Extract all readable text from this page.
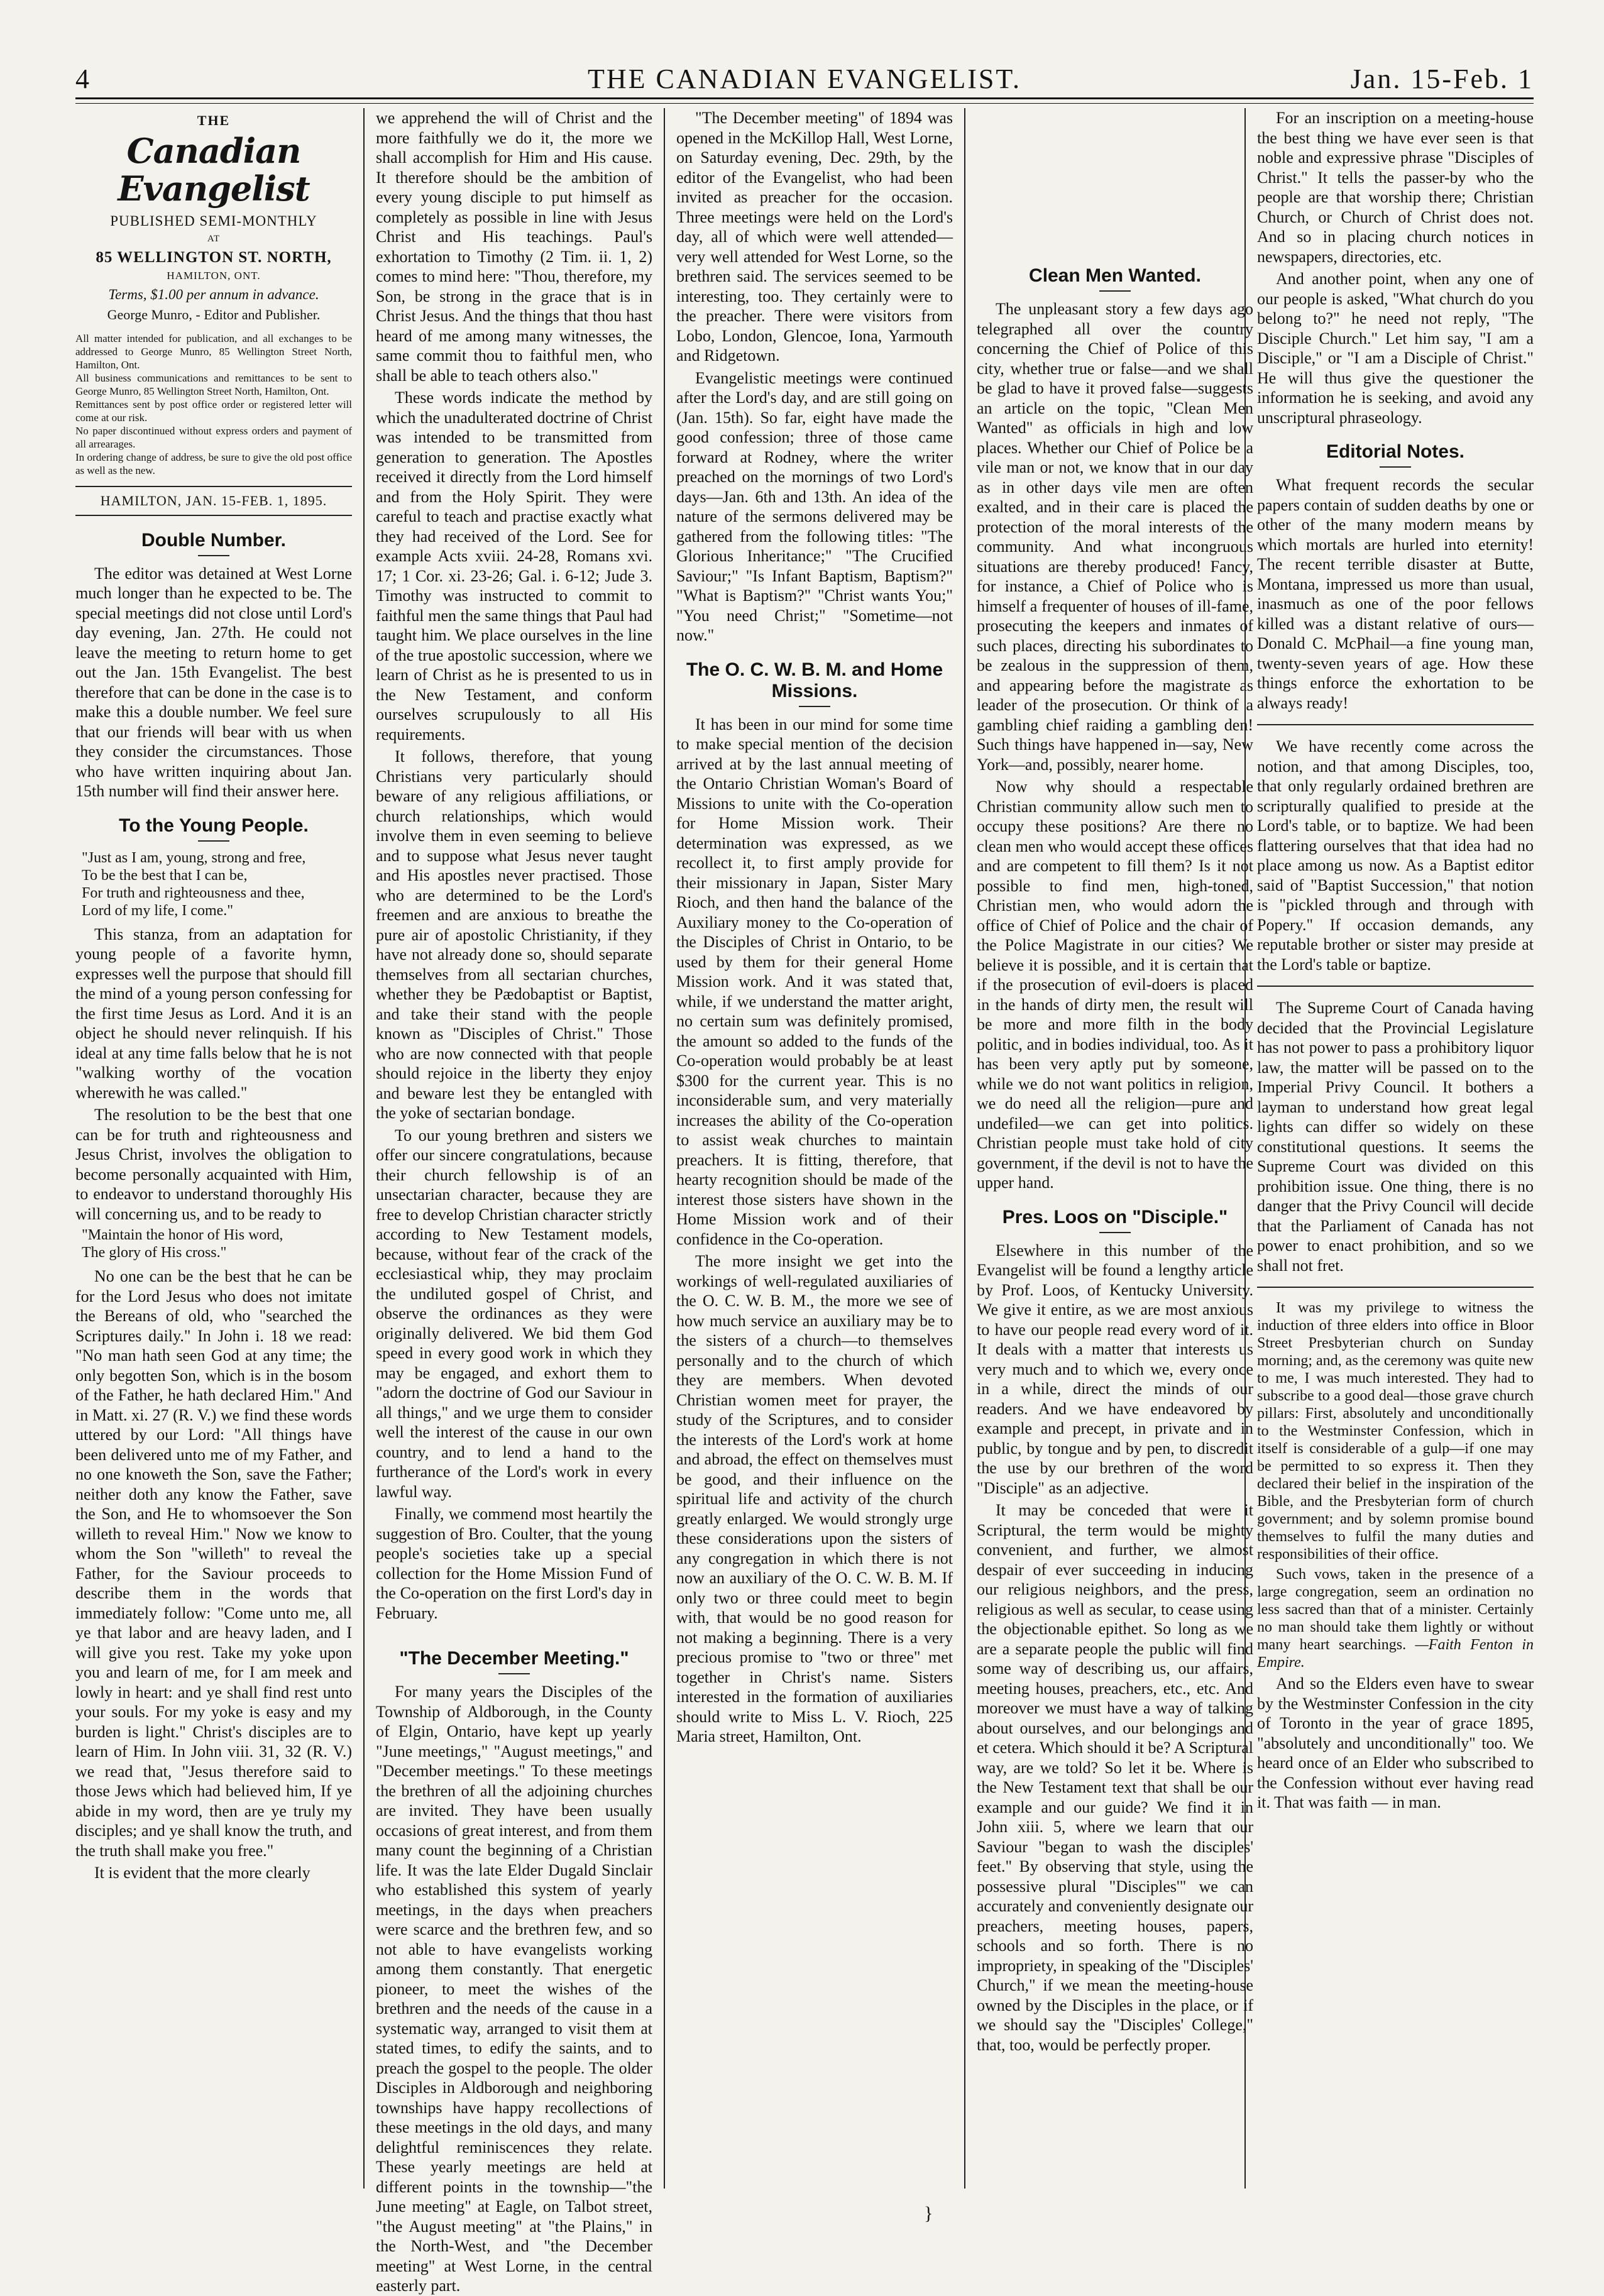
4	THE CANADIAN EVANGELIST.	Jan. 15-Feb. 1
THE
Canadian Evangelist
PUBLISHED SEMI-MONTHLY
AT
85 WELLINGTON ST. NORTH,
HAMILTON, ONT.
Terms, $1.00 per annum in advance.
George Munro, - Editor and Publisher.
All matter intended for publication, and all exchanges to be addressed to George Munro, 85 Wellington Street North, Hamilton, Ont.
All business communications and remittances to be sent to George Munro, 85 Wellington Street North, Hamilton, Ont.
Remittances sent by post office order or registered letter will come at our risk.
No paper discontinued without express orders and payment of all arrearages.
In ordering change of address, be sure to give the old post office as well as the new.
HAMILTON, JAN. 15-FEB. 1, 1895.
Double Number.

The editor was detained at West Lorne much longer than he expected to be. The special meetings did not close until Lord's day evening, Jan. 27th. He could not leave the meeting to return home to get out the Jan. 15th Evangelist. The best therefore that can be done in the case is to make this a double number. We feel sure that our friends will bear with us when they consider the circumstances. Those who have written inquiring about Jan. 15th number will find their answer here.

To the Young People.

"Just as I am, young, strong and free,
To be the best that I can be,
For truth and righteousness and thee,
Lord of my life, I come."

This stanza, from an adaptation for young people of a favorite hymn, expresses well the purpose that should fill the mind of a young person confessing for the first time Jesus as Lord. And it is an object he should never relinquish. If his ideal at any time falls below that he is not "walking worthy of the vocation wherewith he was called."

The resolution to be the best that one can be for truth and righteousness and Jesus Christ, involves the obligation to become personally acquainted with Him, to endeavor to understand thoroughly His will concerning us, and to be ready to

"Maintain the honor of His word,
The glory of His cross."

No one can be the best that he can be for the Lord Jesus who does not imitate the Bereans of old, who "searched the Scriptures daily." In John i. 18 we read: "No man hath seen God at any time; the only begotten Son, which is in the bosom of the Father, he hath declared Him." And in Matt. xi. 27 (R. V.) we find these words uttered by our Lord: "All things have been delivered unto me of my Father, and no one knoweth the Son, save the Father; neither doth any know the Father, save the Son, and He to whomsoever the Son willeth to reveal Him." Now we know to whom the Son "willeth" to reveal the Father, for the Saviour proceeds to describe them in the words that immediately follow: "Come unto me, all ye that labor and are heavy laden, and I will give you rest. Take my yoke upon you and learn of me, for I am meek and lowly in heart: and ye shall find rest unto your souls. For my yoke is easy and my burden is light." Christ's disciples are to learn of Him. In John viii. 31, 32 (R. V.) we read that, "Jesus therefore said to those Jews which had believed him, If ye abide in my word, then are ye truly my disciples; and ye shall know the truth, and the truth shall make you free."

It is evident that the more clearly

we apprehend the will of Christ and the more faithfully we do it, the more we shall accomplish for Him and His cause. It therefore should be the ambition of every young disciple to put himself as completely as possible in line with Jesus Christ and His teachings. Paul's exhortation to Timothy (2 Tim. ii. 1, 2) comes to mind here: "Thou, therefore, my Son, be strong in the grace that is in Christ Jesus. And the things that thou hast heard of me among many witnesses, the same commit thou to faithful men, who shall be able to teach others also."

These words indicate the method by which the unadulterated doctrine of Christ was intended to be transmitted from generation to generation. The Apostles received it directly from the Lord himself and from the Holy Spirit. They were careful to teach and practise exactly what they had received of the Lord. See for example Acts xviii. 24-28, Romans xvi. 17; 1 Cor. xi. 23-26; Gal. i. 6-12; Jude 3. Timothy was instructed to commit to faithful men the same things that Paul had taught him. We place ourselves in the line of the true apostolic succession, where we learn of Christ as he is presented to us in the New Testament, and conform ourselves scrupulously to all His requirements.

It follows, therefore, that young Christians very particularly should beware of any religious affiliations, or church relationships, which would involve them in even seeming to believe and to suppose what Jesus never taught and His apostles never practised. Those who are determined to be the Lord's freemen and are anxious to breathe the pure air of apostolic Christianity, if they have not already done so, should separate themselves from all sectarian churches, whether they be Pædobaptist or Baptist, and take their stand with the people known as "Disciples of Christ." Those who are now connected with that people should rejoice in the liberty they enjoy and beware lest they be entangled with the yoke of sectarian bondage.

To our young brethren and sisters we offer our sincere congratulations, because their church fellowship is of an unsectarian character, because they are free to develop Christian character strictly according to New Testament models, because, without fear of the crack of the ecclesiastical whip, they may proclaim the undiluted gospel of Christ, and observe the ordinances as they were originally delivered. We bid them God speed in every good work in which they may be engaged, and exhort them to "adorn the doctrine of God our Saviour in all things," and we urge them to consider well the interest of the cause in our own country, and to lend a hand to the furtherance of the Lord's work in every lawful way.

Finally, we commend most heartily the suggestion of Bro. Coulter, that the young people's societies take up a special collection for the Home Mission Fund of the Co-operation on the first Lord's day in February.

"The December Meeting."

For many years the Disciples of the Township of Aldborough, in the County of Elgin, Ontario, have kept up yearly "June meetings," "August meetings," and "December meetings." To these meetings the brethren of all the adjoining churches are invited. They have been usually occasions of great interest, and from them many count the beginning of a Christian life. It was the late Elder Dugald Sinclair who established this system of yearly meetings, in the days when preachers were scarce and the brethren few, and so not able to have evangelists working among them constantly. That energetic pioneer, to meet the wishes of the brethren and the needs of the cause in a systematic way, arranged to visit them at stated times, to edify the saints, and to preach the gospel to the people. The older Disciples in Aldborough and neighboring townships have happy recollections of these meetings in the old days, and many delightful reminiscences they relate. These yearly meetings are held at different points in the township—"the June meeting" at Eagle, on Talbot street, "the August meeting" at "the Plains," in the North-West, and "the December meeting" at West Lorne, in the central easterly part.

"The December meeting" of 1894 was opened in the McKillop Hall, West Lorne, on Saturday evening, Dec. 29th, by the editor of the Evangelist, who had been invited as preacher for the occasion. Three meetings were held on the Lord's day, all of which were well attended—very well attended for West Lorne, so the brethren said. The services seemed to be interesting, too. They certainly were to the preacher. There were visitors from Lobo, London, Glencoe, Iona, Yarmouth and Ridgetown.

Evangelistic meetings were continued after the Lord's day, and are still going on (Jan. 15th). So far, eight have made the good confession; three of those came forward at Rodney, where the writer preached on the mornings of two Lord's days—Jan. 6th and 13th. An idea of the nature of the sermons delivered may be gathered from the following titles: "The Glorious Inheritance;" "The Crucified Saviour;" "Is Infant Baptism, Baptism?" "What is Baptism?" "Christ wants You;" "You need Christ;" "Sometime—not now."

The O. C. W. B. M. and Home Missions.

It has been in our mind for some time to make special mention of the decision arrived at by the last annual meeting of the Ontario Christian Woman's Board of Missions to unite with the Co-operation for Home Mission work. Their determination was expressed, as we recollect it, to first amply provide for their missionary in Japan, Sister Mary Rioch, and then hand the balance of the Auxiliary money to the Co-operation of the Disciples of Christ in Ontario, to be used by them for their general Home Mission work. And it was stated that, while, if we understand the matter aright, no certain sum was definitely promised, the amount so added to the funds of the Co-operation would probably be at least $300 for the current year. This is no inconsiderable sum, and very materially increases the ability of the Co-operation to assist weak churches to maintain preachers. It is fitting, therefore, that hearty recognition should be made of the interest those sisters have shown in the Home Mission work and of their confidence in the Co-operation.

The more insight we get into the workings of well-regulated auxiliaries of the O. C. W. B. M., the more we see of how much service an auxiliary may be to the sisters of a church—to themselves personally and to the church of which they are members. When devoted Christian women meet for prayer, the study of the Scriptures, and to consider the interests of the Lord's work at home and abroad, the effect on themselves must be good, and their influence on the spiritual life and activity of the church greatly enlarged. We would strongly urge these considerations upon the sisters of any congregation in which there is not now an auxiliary of the O. C. W. B. M. If only two or three could meet to begin with, that would be no good reason for not making a beginning. There is a very precious promise to "two or three" met together in Christ's name. Sisters interested in the formation of auxiliaries should write to Miss L. V. Rioch, 225 Maria street, Hamilton, Ont.

Clean Men Wanted.

The unpleasant story a few days ago telegraphed all over the country concerning the Chief of Police of this city, whether true or false—and we shall be glad to have it proved false—suggests an article on the topic, "Clean Men Wanted" as officials in high and low places. Whether our Chief of Police be a vile man or not, we know that in our day as in other days vile men are often exalted, and in their care is placed the protection of the moral interests of the community. And what incongruous situations are thereby produced! Fancy, for instance, a Chief of Police who is himself a frequenter of houses of ill-fame, prosecuting the keepers and inmates of such places, directing his subordinates to be zealous in the suppression of them, and appearing before the magistrate as leader of the prosecution. Or think of a gambling chief raiding a gambling den! Such things have happened in—say, New York—and, possibly, nearer home.

Now why should a respectable Christian community allow such men to occupy these positions? Are there no clean men who would accept these offices and are competent to fill them? Is it not possible to find men, high-toned, Christian men, who would adorn the office of Chief of Police and the chair of the Police Magistrate in our cities? We believe it is possible, and it is certain that if the prosecution of evil-doers is placed in the hands of dirty men, the result will be more and more filth in the body politic, and in bodies individual, too. As it has been very aptly put by someone, while we do not want politics in religion, we do need all the religion—pure and undefiled—we can get into politics. Christian people must take hold of city government, if the devil is not to have the upper hand.

Pres. Loos on "Disciple."

Elsewhere in this number of the Evangelist will be found a lengthy article by Prof. Loos, of Kentucky University. We give it entire, as we are most anxious to have our people read every word of it. It deals with a matter that interests us very much and to which we, every once in a while, direct the minds of our readers. And we have endeavored by example and precept, in private and in public, by tongue and by pen, to discredit the use by our brethren of the word "Disciple" as an adjective.

It may be conceded that were it Scriptural, the term would be mighty convenient, and further, we almost despair of ever succeeding in inducing our religious neighbors, and the press, religious as well as secular, to cease using the objectionable epithet. So long as we are a separate people the public will find some way of describing us, our affairs, meeting houses, preachers, etc., etc. And moreover we must have a way of talking about ourselves, and our belongings and et cetera. Which should it be? A Scriptural way, are we told? So let it be. Where is the New Testament text that shall be our example and our guide? We find it in John xiii. 5, where we learn that our Saviour "began to wash the disciples' feet." By observing that style, using the possessive plural "Disciples'" we can accurately and conveniently designate our preachers, meeting houses, papers, schools and so forth. There is no impropriety, in speaking of the "Disciples' Church," if we mean the meeting-house owned by the Disciples in the place, or if we should say the "Disciples' College," that, too, would be perfectly proper.

For an inscription on a meeting-house the best thing we have ever seen is that noble and expressive phrase "Disciples of Christ." It tells the passer-by who the people are that worship there; Christian Church, or Church of Christ does not. And so in placing church notices in newspapers, directories, etc.

And another point, when any one of our people is asked, "What church do you belong to?" he need not reply, "The Disciple Church." Let him say, "I am a Disciple," or "I am a Disciple of Christ." He will thus give the questioner the information he is seeking, and avoid any unscriptural phraseology.

Editorial Notes.

What frequent records the secular papers contain of sudden deaths by one or other of the many modern means by which mortals are hurled into eternity! The recent terrible disaster at Butte, Montana, impressed us more than usual, inasmuch as one of the poor fellows killed was a distant relative of ours—Donald C. McPhail—a fine young man, twenty-seven years of age. How these things enforce the exhortation to be always ready!

We have recently come across the notion, and that among Disciples, too, that only regularly ordained brethren are scripturally qualified to preside at the Lord's table, or to baptize. We had been flattering ourselves that that idea had no place among us now. As a Baptist editor said of "Baptist Succession," that notion is "pickled through and through with Popery." If occasion demands, any reputable brother or sister may preside at the Lord's table or baptize.

The Supreme Court of Canada having decided that the Provincial Legislature has not power to pass a prohibitory liquor law, the matter will be passed on to the Imperial Privy Council. It bothers a layman to understand how great legal lights can differ so widely on these constitutional questions. It seems the Supreme Court was divided on this prohibition issue. One thing, there is no danger that the Privy Council will decide that the Parliament of Canada has not power to enact prohibition, and so we shall not fret.

It was my privilege to witness the induction of three elders into office in Bloor Street Presbyterian church on Sunday morning; and, as the ceremony was quite new to me, I was much interested. They had to subscribe to a good deal—those grave church pillars: First, absolutely and unconditionally to the Westminster Confession, which in itself is considerable of a gulp—if one may be permitted to so express it. Then they declared their belief in the inspiration of the Bible, and the Presbyterian form of church government; and by solemn promise bound themselves to fulfil the many duties and responsibilities of their office.

Such vows, taken in the presence of a large congregation, seem an ordination no less sacred than that of a minister. Certainly no man should take them lightly or without many heart searchings. —Faith Fenton in Empire.

And so the Elders even have to swear by the Westminster Confession in the city of Toronto in the year of grace 1895, "absolutely and unconditionally" too. We heard once of an Elder who subscribed to the Confession without ever having read it. That was faith — in man.

}
